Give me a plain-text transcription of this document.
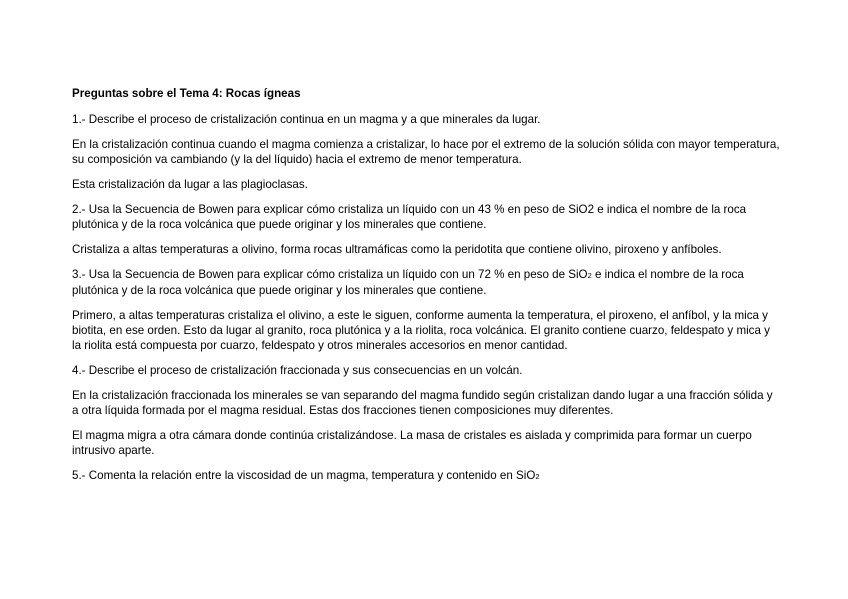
Preguntas sobre el Tema 4: Rocas ígneas

1.- Describe el proceso de cristalización continua en un magma y a que minerales da lugar.

En la cristalización continua cuando el magma comienza a cristalizar, lo hace por el extremo de la solución sólida con mayor temperatura, su composición va cambiando (y la del líquido) hacia el extremo de menor temperatura.

Esta cristalización da lugar a las plagioclasas.

2.- Usa la Secuencia de Bowen para explicar cómo cristaliza un líquido con un 43 % en peso de SiO2 e indica el nombre de la roca plutónica y de la roca volcánica que puede originar y los minerales que contiene.

Cristaliza a altas temperaturas a olivino, forma rocas ultramáficas como la peridotita que contiene olivino, piroxeno y anfíboles.

3.- Usa la Secuencia de Bowen para explicar cómo cristaliza un líquido con un 72 % en peso de SiO2 e indica el nombre de la roca plutónica y de la roca volcánica que puede originar y los minerales que contiene.

Primero, a altas temperaturas cristaliza el olivino, a este le siguen, conforme aumenta la temperatura, el piroxeno, el anfíbol, y la mica y biotita, en ese orden. Esto da lugar al granito, roca plutónica y a la riolita, roca volcánica. El granito contiene cuarzo, feldespato y mica y la riolita está compuesta por cuarzo, feldespato y otros minerales accesorios en menor cantidad.

4.- Describe el proceso de cristalización fraccionada y sus consecuencias en un volcán.

En la cristalización fraccionada los minerales se van separando del magma fundido según cristalizan dando lugar a una fracción sólida y a otra líquida formada por el magma residual. Estas dos fracciones tienen composiciones muy diferentes.

El magma migra a otra cámara donde continúa cristalizándose. La masa de cristales es aislada y comprimida para formar un cuerpo intrusivo aparte.

5.- Comenta la relación entre la viscosidad de un magma, temperatura y contenido en SiO2
